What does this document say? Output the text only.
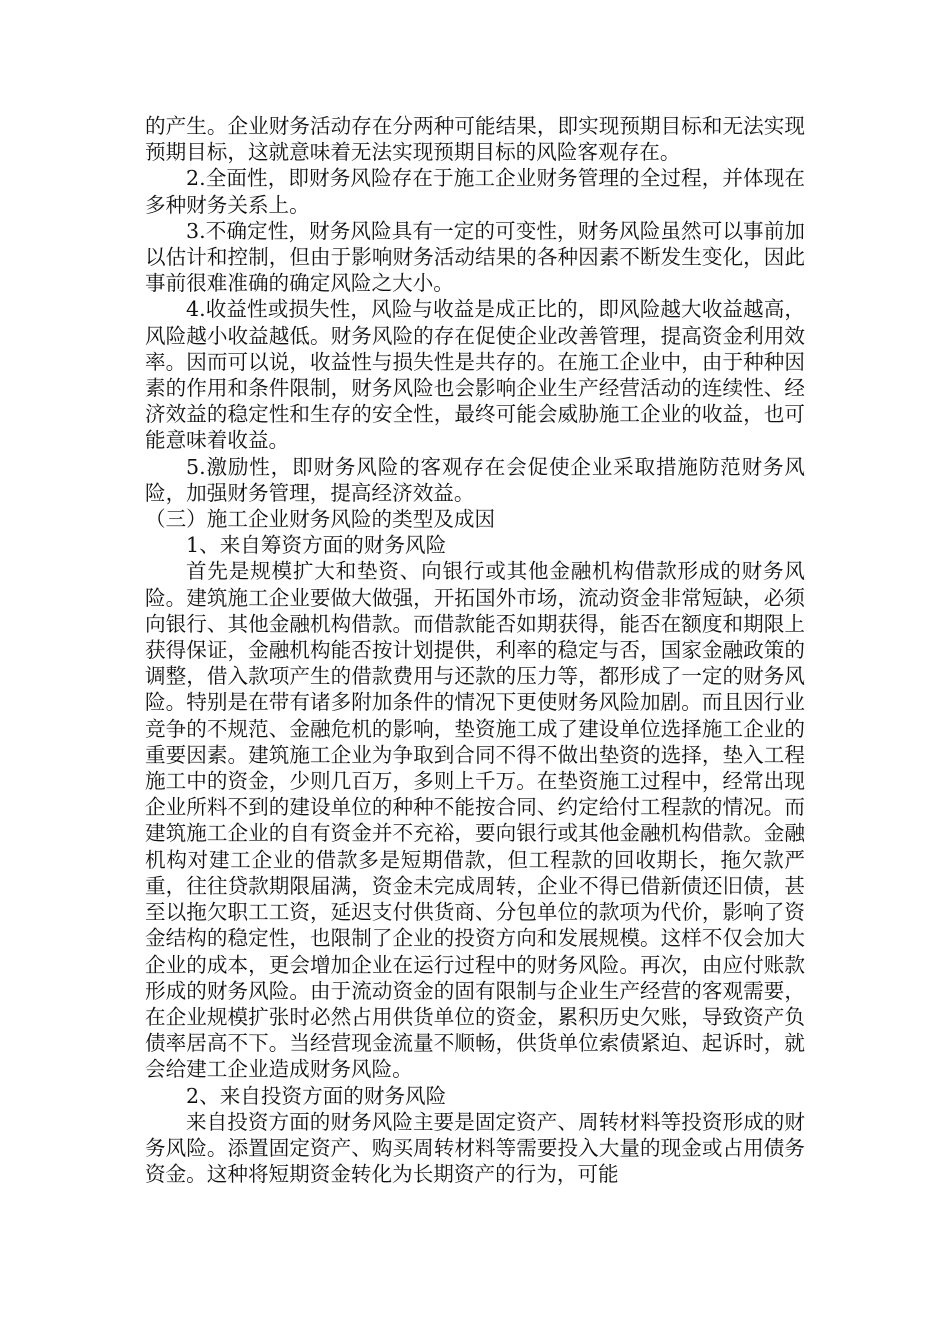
的产生。企业财务活动存在分两种可能结果，即实现预期目标和无法实现预期目标，这就意味着无法实现预期目标的风险客观存在。

2.全面性，即财务风险存在于施工企业财务管理的全过程，并体现在多种财务关系上。

3.不确定性，财务风险具有一定的可变性，财务风险虽然可以事前加以估计和控制，但由于影响财务活动结果的各种因素不断发生变化，因此事前很难准确的确定风险之大小。

4.收益性或损失性，风险与收益是成正比的，即风险越大收益越高，风险越小收益越低。财务风险的存在促使企业改善管理，提高资金利用效率。因而可以说，收益性与损失性是共存的。在施工企业中，由于种种因素的作用和条件限制，财务风险也会影响企业生产经营活动的连续性、经济效益的稳定性和生存的安全性，最终可能会威胁施工企业的收益，也可能意味着收益。

5.激励性，即财务风险的客观存在会促使企业采取措施防范财务风险，加强财务管理，提高经济效益。

（三）施工企业财务风险的类型及成因

1、来自筹资方面的财务风险

首先是规模扩大和垫资、向银行或其他金融机构借款形成的财务风险。建筑施工企业要做大做强，开拓国外市场，流动资金非常短缺，必须向银行、其他金融机构借款。而借款能否如期获得，能否在额度和期限上获得保证，金融机构能否按计划提供，利率的稳定与否，国家金融政策的调整，借入款项产生的借款费用与还款的压力等，都形成了一定的财务风险。特别是在带有诸多附加条件的情况下更使财务风险加剧。而且因行业竞争的不规范、金融危机的影响，垫资施工成了建设单位选择施工企业的重要因素。建筑施工企业为争取到合同不得不做出垫资的选择，垫入工程施工中的资金，少则几百万，多则上千万。在垫资施工过程中，经常出现企业所料不到的建设单位的种种不能按合同、约定给付工程款的情况。而建筑施工企业的自有资金并不充裕，要向银行或其他金融机构借款。金融机构对建工企业的借款多是短期借款，但工程款的回收期长，拖欠款严重，往往贷款期限届满，资金未完成周转，企业不得已借新债还旧债，甚至以拖欠职工工资，延迟支付供货商、分包单位的款项为代价，影响了资金结构的稳定性，也限制了企业的投资方向和发展规模。这样不仅会加大企业的成本，更会增加企业在运行过程中的财务风险。再次，由应付账款形成的财务风险。由于流动资金的固有限制与企业生产经营的客观需要，在企业规模扩张时必然占用供货单位的资金，累积历史欠账，导致资产负债率居高不下。当经营现金流量不顺畅，供货单位索债紧迫、起诉时，就会给建工企业造成财务风险。

2、来自投资方面的财务风险

来自投资方面的财务风险主要是固定资产、周转材料等投资形成的财务风险。添置固定资产、购买周转材料等需要投入大量的现金或占用债务资金。这种将短期资金转化为长期资产的行为，可能
